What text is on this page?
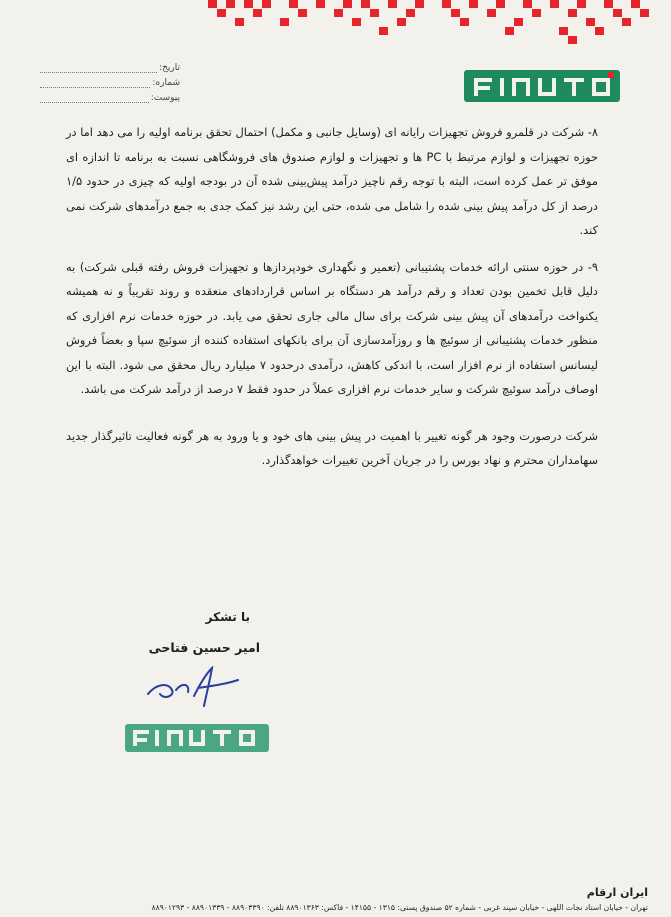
تاریخ:
شماره:
پیوست:

۸- شرکت در قلمرو فروش تجهیزات رایانه ای (وسایل جانبی و مکمل) احتمال تحقق برنامه اولیه را می دهد اما در حوزه تجهیزات و لوازم مرتبط با PC ها و تجهیزات و لوازم صندوق های فروشگاهی نسبت به برنامه تا اندازه ای موفق تر عمل کرده است، البته با توجه رقم ناچیز درآمد پیش‌بینی شده آن در بودجه اولیه که چیزی در حدود ۱/۵ درصد از کل درآمد پیش بینی شده را شامل می شده، حتی این رشد نیز کمک جدی به جمع درآمدهای شرکت نمی کند.

۹- در حوزه سنتی ارائه خدمات پشتیبانی (تعمیر و نگهداری خودپردازها و تجهیزات فروش رفته قبلی شرکت) به دلیل قابل تخمین بودن تعداد و رقم درآمد هر دستگاه بر اساس قراردادهای منعقده و روند تقریباً و نه همیشه یکنواخت درآمدهای آن پیش بینی شرکت برای سال مالی جاری تحقق می یابد. در حوزه خدمات نرم افزاری که منظور خدمات پشتیبانی از سوئیچ ها و روزآمدسازی آن برای بانکهای استفاده کننده از سوئیچ سپا و بعضاً فروش لیسانس استفاده از نرم افزار است، با اندکی کاهش، درآمدی درحدود ۷ میلیارد ریال محقق می شود. البته با این اوصاف درآمد سوئیچ شرکت و سایر خدمات نرم افزاری عملاً در حدود فقط ۷ درصد از درآمد شرکت می باشد.

شرکت درصورت وجود هر گونه تغییر با اهمیت در پیش بینی های خود و یا ورود به هر گونه فعالیت تاثیرگذار جدید سهامداران محترم و نهاد بورس را در جریان آخرین تغییرات خواهدگذارد.

با تشکر
امیر حسین فتاحی
ایران ارقام
تهران - خیابان استاد نجات اللهی - خیابان سپند غربی - شماره ۵۲ صندوق پستی: ۱۳۱۵ - ۱۴۱۵۵ - فاکس: ۸۸۹۰۱۳۶۳ تلفن: ۸۸۹۰۳۳۹۰ - ۸۸۹۰۱۳۳۹ - ۸۸۹۰۱۲۹۳
